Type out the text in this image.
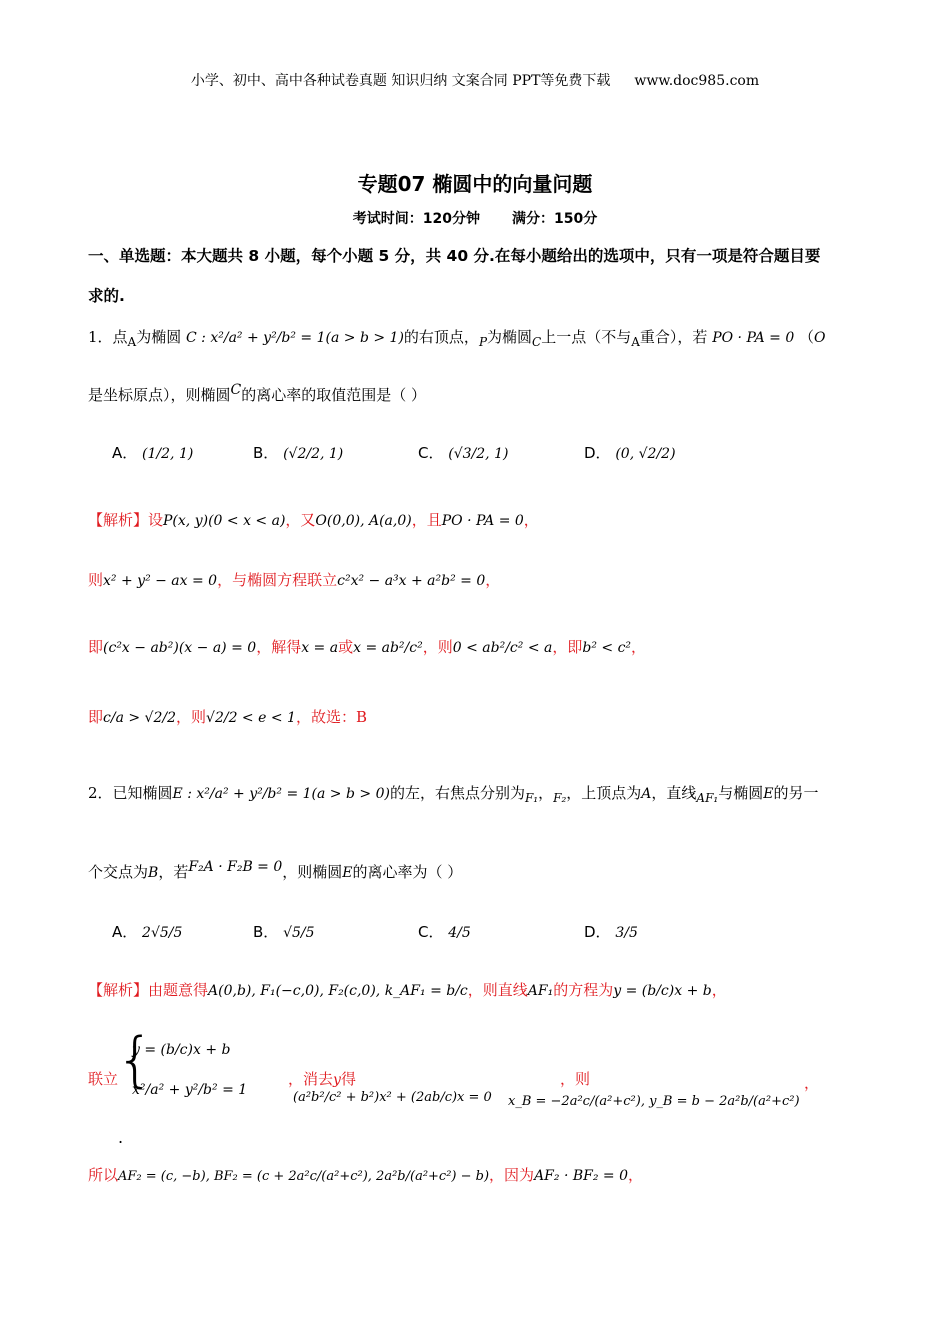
小学、初中、高中各种试卷真题 知识归纳 文案合同 PPT等免费下载 www.doc985.com
专题07 椭圆中的向量问题
考试时间：120分钟 满分：150分
一、单选题：本大题共 8 小题，每个小题 5 分，共 40 分.在每小题给出的选项中，只有一项是符合题目要
求的.
1．点$_A$为椭圆 C : x²/a² + y²/b² = 1(a > b > 1)的右顶点，$_P$为椭圆$_C$上一点（不与$_A$重合），若 PO · PA = 0 （O
是坐标原点），则椭圆$^C$的离心率的取值范围是（ ）
A． (1/2, 1)	B． (√2/2, 1)	C． (√3/2, 1)	D． (0, √2/2)
【解析】设P(x, y)(0 < x < a)，又O(0,0), A(a,0)，且PO · PA = 0，
则x² + y² − ax = 0，与椭圆方程联立c²x² − a³x + a²b² = 0，
即(c²x − ab²)(x − a) = 0，解得x = a或x = ab²/c²，则0 < ab²/c² < a，即b² < c²，
即c/a > √2/2，则√2/2 < e < 1，故选：B
2．已知椭圆E : x²/a² + y²/b² = 1(a > b > 0)的左，右焦点分别为$_{F_1}$，$_{F_2}$，上顶点为A，直线$_{AF_1}$与椭圆E的另一
个交点为B，若$^{F_2A \cdot F_2B = 0}$，则椭圆E的离心率为（ ）
A． 2√5/5	B． √5/5	C． 4/5	D． 3/5
【解析】由题意得A(0,b), F₁(−c,0), F₂(c,0), k_AF₁ = b/c，则直线AF₁的方程为y = (b/c)x + b，
联立
{
y = (b/c)x + b
x²/a² + y²/b² = 1
，消去y得
(a²b²/c² + b²)x² + (2ab/c)x = 0
，则
x_B = −2a²c/(a²+c²), y_B = b − 2a²b/(a²+c²)
，
.
所以AF₂ = (c, −b), BF₂ = (c + 2a²c/(a²+c²), 2a²b/(a²+c²) − b)，因为AF₂ · BF₂ = 0，
